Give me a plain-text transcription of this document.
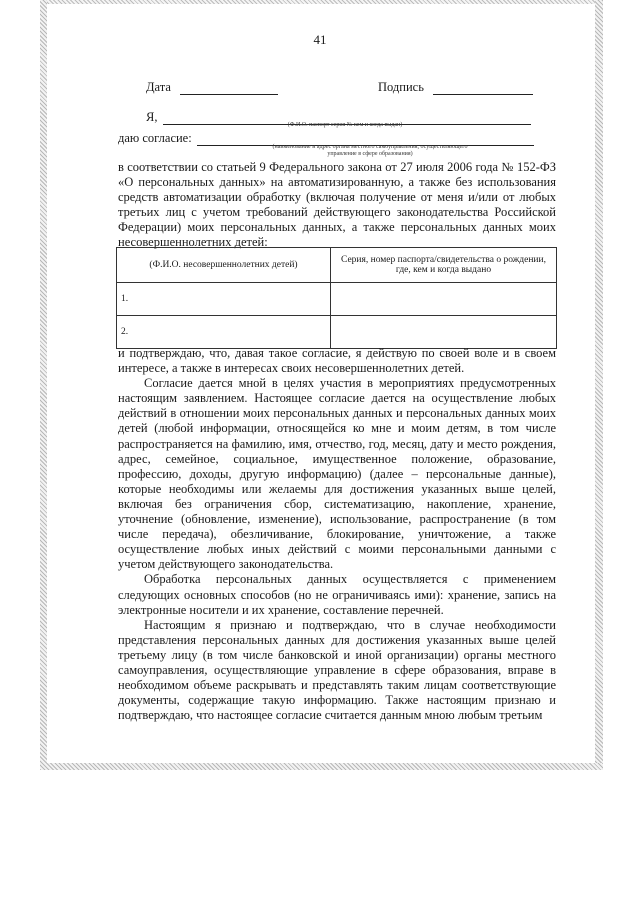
41
Дата	Подпись
Я,
(Ф.И.О. паспорт серия № кем и когда выдан)
даю согласие:
(наименование и адрес органа местного самоуправления, осуществляющего
управление в сфере образования)

в соответствии со статьей 9 Федерального закона от 27 июля 2006 года № 152-ФЗ «О персональных данных» на автоматизированную, а также без использования средств автоматизации обработку (включая получение от меня и/или от любых третьих лиц с учетом требований действующего законодательства Российской Федерации) моих персональных данных, а также персональных данных моих несовершеннолетних детей:

(Ф.И.О. несовершеннолетних детей)	Серия, номер паспорта/свидетельства о рождении, где, кем и когда выдано
1.	
2.	

и подтверждаю, что, давая такое согласие, я действую по своей воле и в своем интересе, а также в интересах своих несовершеннолетних детей.

Согласие дается мной в целях участия в мероприятиях предусмотренных настоящим заявлением. Настоящее согласие дается на осуществление любых действий в отношении моих персональных данных и персональных данных моих детей (любой информации, относящейся ко мне и моим детям, в том числе распространяется на фамилию, имя, отчество, год, месяц, дату и место рождения, адрес, семейное, социальное, имущественное положение, образование, профессию, доходы, другую информацию) (далее – персональные данные), которые необходимы или желаемы для достижения указанных выше целей, включая без ограничения сбор, систематизацию, накопление, хранение, уточнение (обновление, изменение), использование, распространение (в том числе передача), обезличивание, блокирование, уничтожение, а также осуществление любых иных действий с моими персональными данными с учетом действующего законодательства.

Обработка персональных данных осуществляется с применением следующих основных способов (но не ограничиваясь ими): хранение, запись на электронные носители и их хранение, составление перечней.

Настоящим я признаю и подтверждаю, что в случае необходимости представления персональных данных для достижения указанных выше целей третьему лицу (в том числе банковской и иной организации) органы местного самоуправления, осуществляющие управление в сфере образования, вправе в необходимом объеме раскрывать и представлять таким лицам соответствующие документы, содержащие такую информацию. Также настоящим признаю и подтверждаю, что настоящее согласие считается данным мною любым третьим
